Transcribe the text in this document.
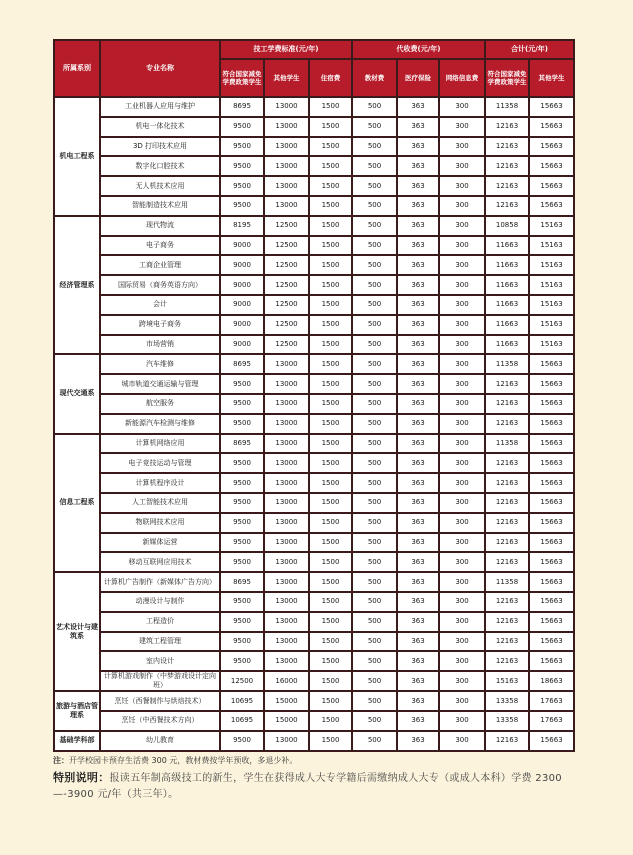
所属系别	专业名称	技工学费标准(元/年)			代收费(元/年)			合计(元/年)	
		符合国家减免学费政策学生	其他学生	住宿费	教材费	医疗保险	网络信息费	符合国家减免学费政策学生	其他学生
机电工程系	工业机器人应用与维护	8695	13000	1500	500	363	300	11358	15663
	机电一体化技术	9500	13000	1500	500	363	300	12163	15663
	3D 打印技术应用	9500	13000	1500	500	363	300	12163	15663
	数字化口腔技术	9500	13000	1500	500	363	300	12163	15663
	无人机技术应用	9500	13000	1500	500	363	300	12163	15663
	智能制造技术应用	9500	13000	1500	500	363	300	12163	15663
经济管理系	现代物流	8195	12500	1500	500	363	300	10858	15163
	电子商务	9000	12500	1500	500	363	300	11663	15163
	工商企业管理	9000	12500	1500	500	363	300	11663	15163
	国际贸易（商务英语方向）	9000	12500	1500	500	363	300	11663	15163
	会计	9000	12500	1500	500	363	300	11663	15163
	跨境电子商务	9000	12500	1500	500	363	300	11663	15163
	市场营销	9000	12500	1500	500	363	300	11663	15163
现代交通系	汽车维修	8695	13000	1500	500	363	300	11358	15663
	城市轨道交通运输与管理	9500	13000	1500	500	363	300	12163	15663
	航空服务	9500	13000	1500	500	363	300	12163	15663
	新能源汽车检测与维修	9500	13000	1500	500	363	300	12163	15663
信息工程系	计算机网络应用	8695	13000	1500	500	363	300	11358	15663
	电子竞技运动与管理	9500	13000	1500	500	363	300	12163	15663
	计算机程序设计	9500	13000	1500	500	363	300	12163	15663
	人工智能技术应用	9500	13000	1500	500	363	300	12163	15663
	物联网技术应用	9500	13000	1500	500	363	300	12163	15663
	新媒体运营	9500	13000	1500	500	363	300	12163	15663
	移动互联网应用技术	9500	13000	1500	500	363	300	12163	15663
艺术设计与建筑系	计算机广告制作（新媒体广告方向）	8695	13000	1500	500	363	300	11358	15663
	动漫设计与制作	9500	13000	1500	500	363	300	12163	15663
	工程造价	9500	13000	1500	500	363	300	12163	15663
	建筑工程管理	9500	13000	1500	500	363	300	12163	15663
	室内设计	9500	13000	1500	500	363	300	12163	15663
	计算机游戏制作（中梦游戏设计定向班）	12500	16000	1500	500	363	300	15163	18663
旅游与酒店管理系	烹饪（西餐制作与烘焙技术）	10695	15000	1500	500	363	300	13358	17663
	烹饪（中西餐技术方向）	10695	15000	1500	500	363	300	13358	17663
基础学科部	幼儿教育	9500	13000	1500	500	363	300	12163	15663
注：开学校园卡预存生活费 300 元，教材费按学年预收，多退少补。
特别说明：报读五年制高级技工的新生，学生在获得成人大专学籍后需缴纳成人大专（或成人本科）学费 2300—-3900 元/年（共三年）。
